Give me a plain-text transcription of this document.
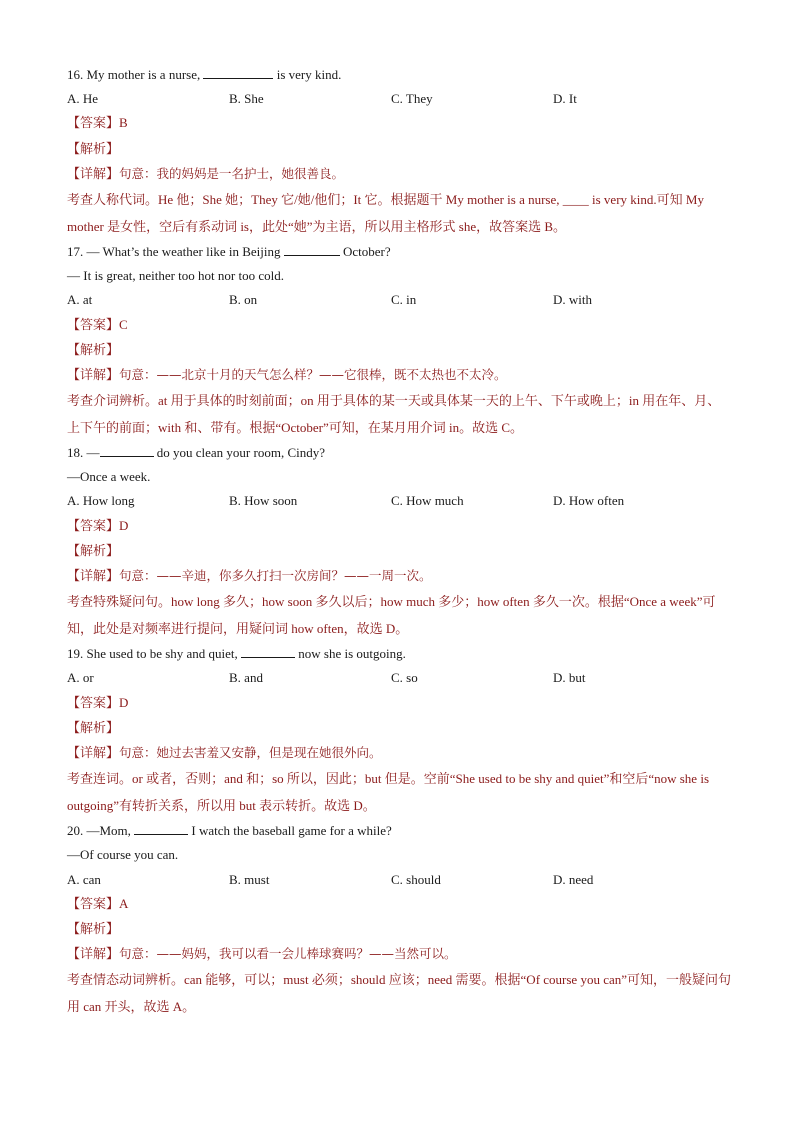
16. My mother is a nurse,	is very kind.
A. He	B. She	C. They	D. It
【答案】B
【解析】
【详解】句意：我的妈妈是一名护士，她很善良。
考查人称代词。He 他；She 她；They 它/她/他们；It 它。根据题干 My mother is a nurse, ____ is very kind.可知 My mother 是女性，空后有系动词 is，此处“她”为主语，所以用主格形式 she，故答案选 B。
17. — What’s the weather like in Beijing	October?
— It is great, neither too hot nor too cold.
A. at	B. on	C. in	D. with
【答案】C
【解析】
【详解】句意：——北京十月的天气怎么样？——它很棒，既不太热也不太冷。
考查介词辨析。at 用于具体的时刻前面；on 用于具体的某一天或具体某一天的上午、下午或晚上；in 用在年、月、上下午的前面；with 和、带有。根据“October”可知，在某月用介词 in。故选 C。
18. —	do you clean your room, Cindy?
—Once a week.
A. How long	B. How soon	C. How much	D. How often
【答案】D
【解析】
【详解】句意：——辛迪，你多久打扫一次房间？——一周一次。
考查特殊疑问句。how long 多久；how soon 多久以后；how much 多少；how often 多久一次。根据“Once a week”可知，此处是对频率进行提问，用疑问词 how often，故选 D。
19. She used to be shy and quiet,	now she is outgoing.
A. or	B. and	C. so	D. but
【答案】D
【解析】
【详解】句意：她过去害羞又安静，但是现在她很外向。
考查连词。or 或者，否则；and 和；so 所以，因此；but 但是。空前“She used to be shy and quiet”和空后“now she is outgoing”有转折关系，所以用 but 表示转折。故选 D。
20. —Mom,	I watch the baseball game for a while?
—Of course you can.
A. can	B. must	C. should	D. need
【答案】A
【解析】
【详解】句意：——妈妈，我可以看一会儿棒球赛吗？——当然可以。
考查情态动词辨析。can 能够，可以；must 必须；should 应该；need 需要。根据“Of course you can”可知，一般疑问句用 can 开头，故选 A。
